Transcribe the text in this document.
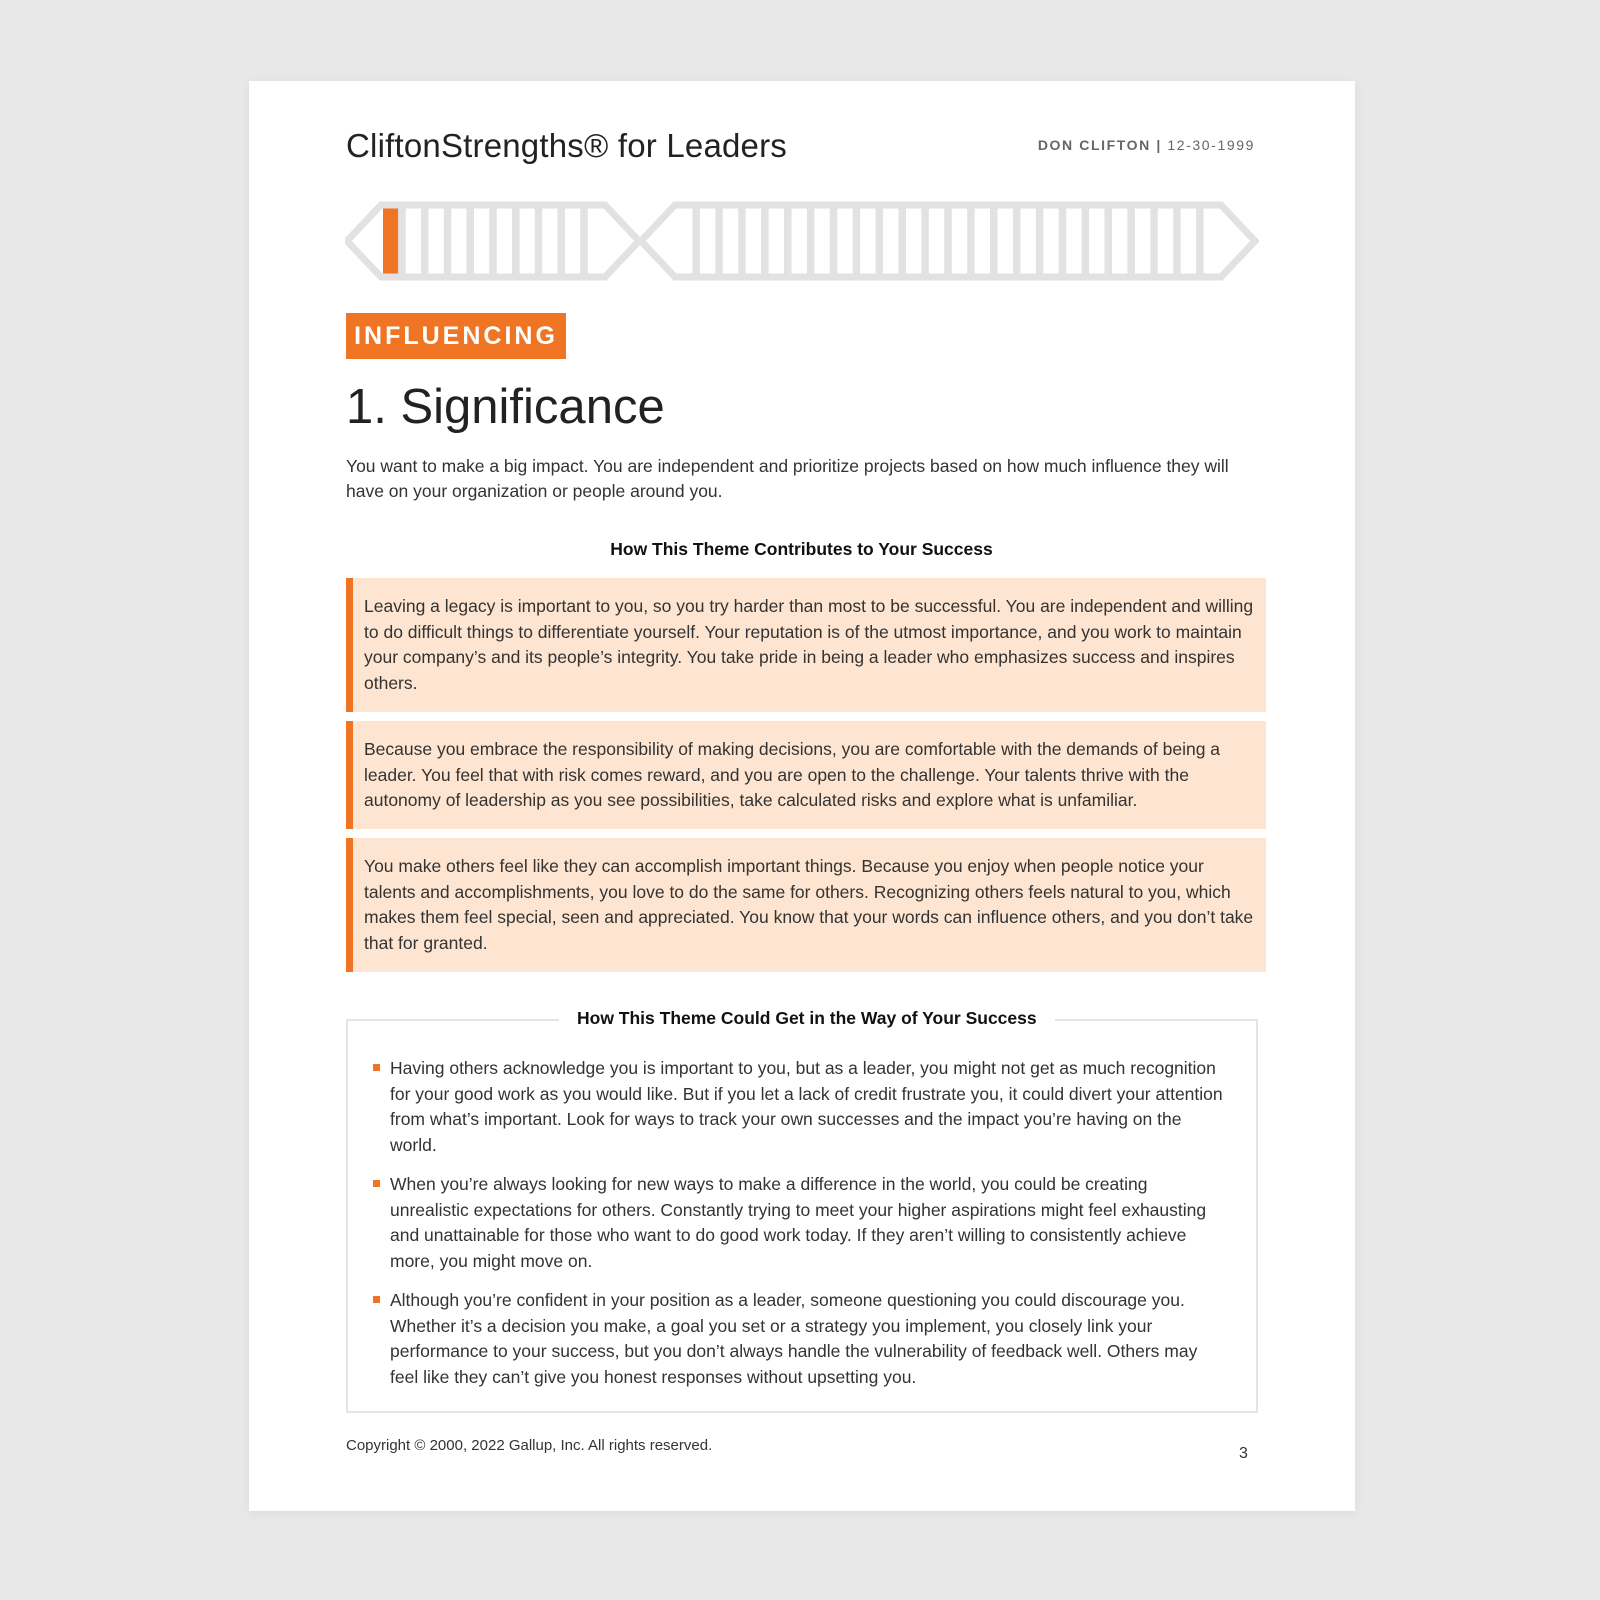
CliftonStrengths® for Leaders	DON CLIFTON | 12-30-1999
INFLUENCING
1. Significance

You want to make a big impact. You are independent and prioritize projects based on how much influence they will have on your organization or people around you.

How This Theme Contributes to Your Success
Leaving a legacy is important to you, so you try harder than most to be successful. You are independent and willing to do difficult things to differentiate yourself. Your reputation is of the utmost importance, and you work to maintain your company’s and its people’s integrity. You take pride in being a leader who emphasizes success and inspires others.
Because you embrace the responsibility of making decisions, you are comfortable with the demands of being a leader. You feel that with risk comes reward, and you are open to the challenge. Your talents thrive with the autonomy of leadership as you see possibilities, take calculated risks and explore what is unfamiliar.
You make others feel like they can accomplish important things. Because you enjoy when people notice your talents and accomplishments, you love to do the same for others. Recognizing others feels natural to you, which makes them feel special, seen and appreciated. You know that your words can influence others, and you don’t take that for granted.
How This Theme Could Get in the Way of Your Success
Having others acknowledge you is important to you, but as a leader, you might not get as much recognition for your good work as you would like. But if you let a lack of credit frustrate you, it could divert your attention from what’s important. Look for ways to track your own successes and the impact you’re having on the world.
When you’re always looking for new ways to make a difference in the world, you could be creating unrealistic expectations for others. Constantly trying to meet your higher aspirations might feel exhausting and unattainable for those who want to do good work today. If they aren’t willing to consistently achieve more, you might move on.
Although you’re confident in your position as a leader, someone questioning you could discourage you. Whether it’s a decision you make, a goal you set or a strategy you implement, you closely link your performance to your success, but you don’t always handle the vulnerability of feedback well. Others may feel like they can’t give you honest responses without upsetting you.
Copyright © 2000, 2022 Gallup, Inc. All rights reserved.	3
